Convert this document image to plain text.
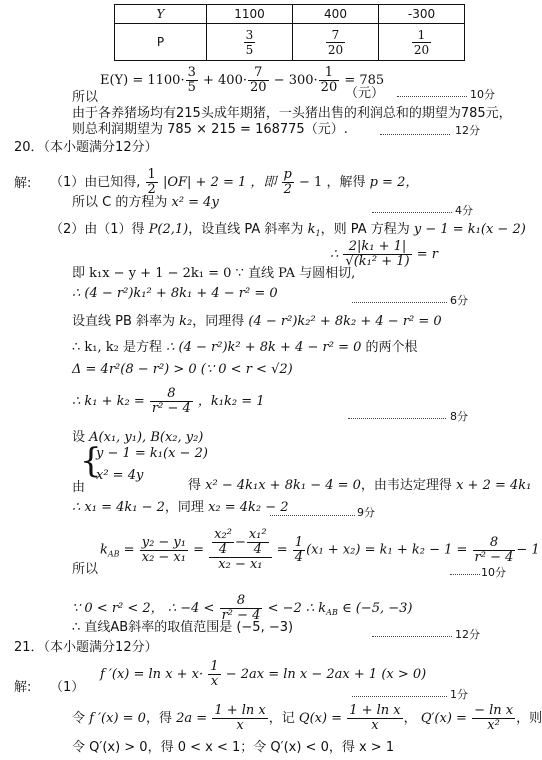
Y	1100	400	-300
P	$\frac{3}{5}$	$\frac{7}{20}$	$\frac{1}{20}$
$E(Y) = 1100\cdot \frac{3}{5} + 400\cdot \frac{7}{20} - 300\cdot \frac{1}{20} = 785$
（元）	10分
所以
由于各养猪场均有215头成年期猪，一头猪出售的利润总和的期望为785元，
则总利润期望为 785 × 215 = 168775（元）.	12分
20．（本小题满分12分）
解: （1）由已知得, $\frac{1}{2} |OF| + 2 = 1$ ，即 $\frac{p}{2} - 1$ ，解得 p = 2，
所以 C 的方程为 x² = 4y
4分
（2）由（1）得 P(2,1)，设直线 PA 斜率为 $k_1$，则 PA 方程为 y − 1 = k₁(x − 2)
即 k₁x − y + 1 − 2k₁ = 0 ∵ 直线 PA 与圆相切,
∴ $\frac{\text{2|k₁ + 1|}}{\text{√(k₁² + 1)}} = r$
∴ (4 − r²)k₁² + 8k₁ + 4 − r² = 0	6分
设直线 PB 斜率为 k₂，同理得 (4 − r²)k₂² + 8k₂ + 4 − r² = 0
∴ k₁, k₂ 是方程 ∴ (4 − r²)k² + 8k + 4 − r² = 0 的两个根
Δ = 4r²(8 − r²) > 0 (∵ 0 < r < √2)
∴ $k_1 + k_2 = \frac{8}{\text{r² − 4}}$ ，k₁k₂ = 1
8分
设 A(x₁, y₁), B(x₂, y₂)
{
y − 1 = k₁(x − 2)
x² = 4y
由	得 x² − 4k₁x + 8k₁ − 4 = 0，由韦达定理得 x + 2 = 4k₁
∴ x₁ = 4k₁ − 2，同理 x₂ = 4k₂ − 2	9分
所以
$k_{AB} = \frac{\text{y₂ − y₁}}{\text{x₂ − x₁}} = \frac{\frac{\text{x₂²}}{4} - \frac{\text{x₁²}}{4}}{\text{x₂ − x₁}} = \frac{1}{4} (x_1 + x_2) = k_1 + k_2 - 1 = \frac{8}{\text{r² − 4}} - 1$
10分
∵ 0 < r² < 2， ∴ $-4 < \frac{8}{\text{r² − 4}} < -2$ ∴ $k_{AB}$ ∈ (−5, −3)
∴ 直线AB斜率的取值范围是 (−5, −3)	12分
21．（本小题满分12分）
解: （1）
f $'(x) = \ln x + x\cdot \frac{1}{x} - 2ax = \ln x - 2ax + 1$ (x > 0)
1分
令 f ′(x) = 0，得 $2a = \frac{\text{1 + ln x}}{x}$ ，记 $Q(x) = \frac{\text{1 + ln x}}{x}$ ， $Q'(x) = \frac{\text{− ln x}}{\text{x²}}$ ，则
令 Q′(x) > 0，得 0 < x < 1；令 Q′(x) < 0，得 x > 1
